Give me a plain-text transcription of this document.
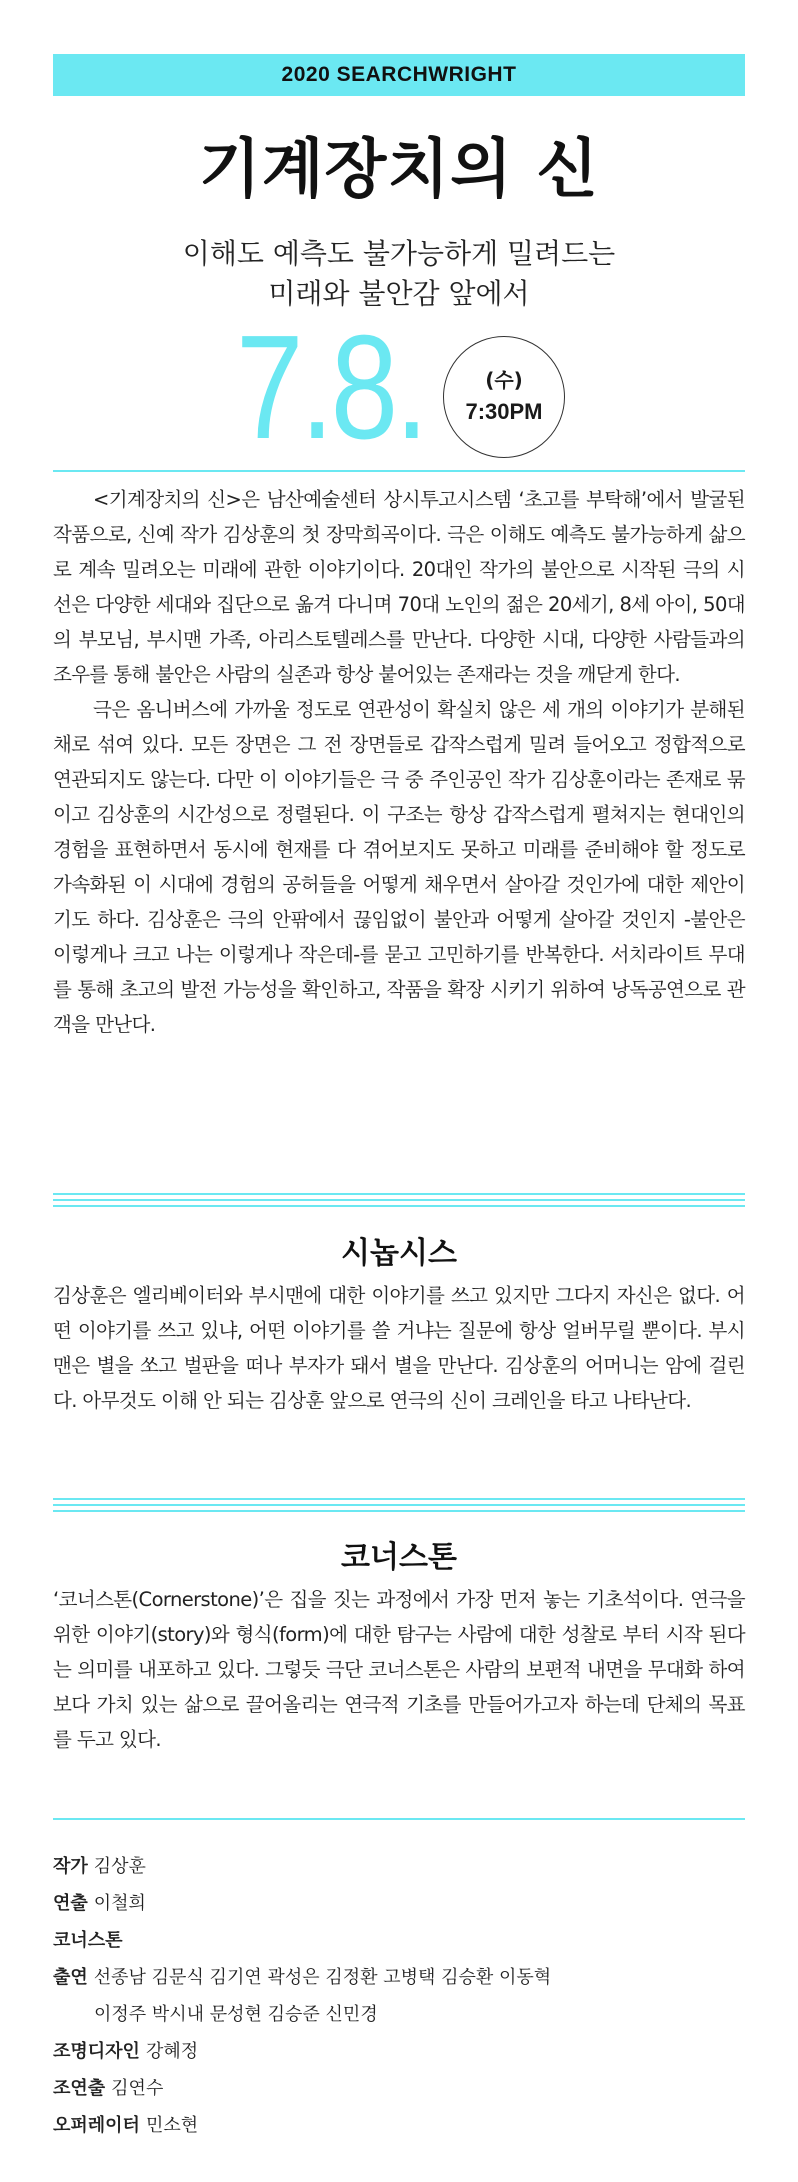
2020 SEARCHWRIGHT
기계장치의 신
이해도 예측도 불가능하게 밀려드는
미래와 불안감 앞에서
7.8.	(수)
7:30PM

<기계장치의 신>은 남산예술센터 상시투고시스템 ‘초고를 부탁해’에서 발굴된 작품으로, 신예 작가 김상훈의 첫 장막희곡이다. 극은 이해도 예측도 불가능하게 삶으로 계속 밀려오는 미래에 관한 이야기이다. 20대인 작가의 불안으로 시작된 극의 시선은 다양한 세대와 집단으로 옮겨 다니며 70대 노인의 젊은 20세기, 8세 아이, 50대의 부모님, 부시맨 가족, 아리스토텔레스를 만난다. 다양한 시대, 다양한 사람들과의 조우를 통해 불안은 사람의 실존과 항상 붙어있는 존재라는 것을 깨닫게 한다.

극은 옴니버스에 가까울 정도로 연관성이 확실치 않은 세 개의 이야기가 분해된 채로 섞여 있다. 모든 장면은 그 전 장면들로 갑작스럽게 밀려 들어오고 정합적으로 연관되지도 않는다. 다만 이 이야기들은 극 중 주인공인 작가 김상훈이라는 존재로 묶이고 김상훈의 시간성으로 정렬된다. 이 구조는 항상 갑작스럽게 펼쳐지는 현대인의 경험을 표현하면서 동시에 현재를 다 겪어보지도 못하고 미래를 준비해야 할 정도로 가속화된 이 시대에 경험의 공허들을 어떻게 채우면서 살아갈 것인가에 대한 제안이기도 하다. 김상훈은 극의 안팎에서 끊임없이 불안과 어떻게 살아갈 것인지 -불안은 이렇게나 크고 나는 이렇게나 작은데-를 묻고 고민하기를 반복한다. 서치라이트 무대를 통해 초고의 발전 가능성을 확인하고, 작품을 확장 시키기 위하여 낭독공연으로 관객을 만난다.

시놉시스
김상훈은 엘리베이터와 부시맨에 대한 이야기를 쓰고 있지만 그다지 자신은 없다. 어떤 이야기를 쓰고 있냐, 어떤 이야기를 쓸 거냐는 질문에 항상 얼버무릴 뿐이다. 부시맨은 별을 쏘고 벌판을 떠나 부자가 돼서 별을 만난다. 김상훈의 어머니는 암에 걸린다. 아무것도 이해 안 되는 김상훈 앞으로 연극의 신이 크레인을 타고 나타난다.
코너스톤
‘코너스톤(Cornerstone)’은 집을 짓는 과정에서 가장 먼저 놓는 기초석이다. 연극을 위한 이야기(story)와 형식(form)에 대한 탐구는 사람에 대한 성찰로 부터 시작 된다는 의미를 내포하고 있다. 그렇듯 극단 코너스톤은 사람의 보편적 내면을 무대화 하여 보다 가치 있는 삶으로 끌어올리는 연극적 기초를 만들어가고자 하는데 단체의 목표를 두고 있다.
작가 김상훈
연출 이철희
코너스톤
출연 선종남 김문식 김기연 곽성은 김정환 고병택 김승환 이동혁
이정주 박시내 문성현 김승준 신민경
조명디자인 강혜정
조연출 김연수
오퍼레이터 민소현
